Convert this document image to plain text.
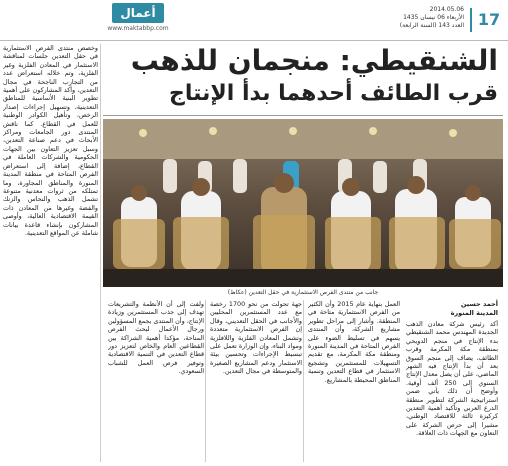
أعمال
www.maktabbp.com
2014.05.06
الأربعاء 06 نيسان 1435
العدد 143 (السنة الرابعة) 17
الشنقيطي: منجمان للذهب
قرب الطائف أحدهما بدأ الإنتاج
جانب من منتدى الفرص الاستثمارية في حقل التعدين (عكاظ)
وخصص منتدى الفرص الاستثمارية في حقل التعدين جلسات لمناقشة الاستثمار في المعادن الفلزية وغير الفلزية، وتم خلاله استعراض عدد من التجارب الناجحة في مجال التعدين، وأكد المشاركون على أهمية تطوير البنية الأساسية للمناطق التعدينية، وتسهيل إجراءات إصدار الرخص، وتأهيل الكوادر الوطنية للعمل في القطاع. كما ناقش المنتدى دور الجامعات ومراكز الأبحاث في دعم صناعة التعدين، وسبل تعزيز التعاون بين الجهات الحكومية والشركات العاملة في القطاع، إضافة إلى استعراض الفرص المتاحة في منطقة المدينة المنورة والمناطق المجاورة، وما تمتلكه من ثروات معدنية متنوعة تشمل الذهب والنحاس والزنك والفضة وغيرها من المعادن ذات القيمة الاقتصادية العالية، وأوصى المشاركون بإنشاء قاعدة بيانات شاملة عن المواقع التعدينية.
أحمد حسين
المدينة المنورة
أكد رئيس شركة معادن الذهب الجديدة المهندس محمد الشنقيطي بدء الإنتاج في منجم الدويحي بمنطقة مكة المكرمة وقرب الطائف، يضاف إلى منجم السوق بعد أن بدأ الإنتاج فيه الشهر الماضي، على أن يصل معدل الإنتاج السنوي إلى 250 ألف أوقية. وأوضح أن ذلك يأتي ضمن استراتيجية الشركة لتطوير منطقة الدرع العربي وتأكيد أهمية التعدين كركيزة ثالثة للاقتصاد الوطني، مشيرا إلى حرص الشركة على التعاون مع الجهات ذات العلاقة.
العمل بنهاية عام 2015 وأن الكثير من الفرص الاستثمارية متاحة في المنطقة. وأشار إلى مراحل تطوير مشاريع الشركة، وأن المنتدى يسهم في تسليط الضوء على الفرص المتاحة في المدينة المنورة ومنطقة مكة المكرمة، مع تقديم التسهيلات للمستثمرين وتشجيع الاستثمار في قطاع التعدين وتنمية المناطق المحيطة بالمشاريع.
جهة تحولت من نحو 1700 رخصة مع عدد المستثمرين المحليين والأجانب في الحقل التعديني، وقال إن الفرص الاستثمارية متعددة وتشمل المعادن الفلزية واللافلزية ومواد البناء، وإن الوزارة تعمل على تبسيط الإجراءات وتحسين بيئة الاستثمار ودعم المشاريع الصغيرة والمتوسطة في مجال التعدين.
ولفت إلى أن الأنظمة والتشريعات تهدف إلى جذب المستثمرين وزيادة الإنتاج، وأن المنتدى يجمع المسؤولين ورجال الأعمال لبحث الفرص المتاحة، مؤكدا أهمية الشراكة بين القطاعين العام والخاص لتعزيز دور قطاع التعدين في التنمية الاقتصادية وتوفير فرص العمل للشباب السعودي.
